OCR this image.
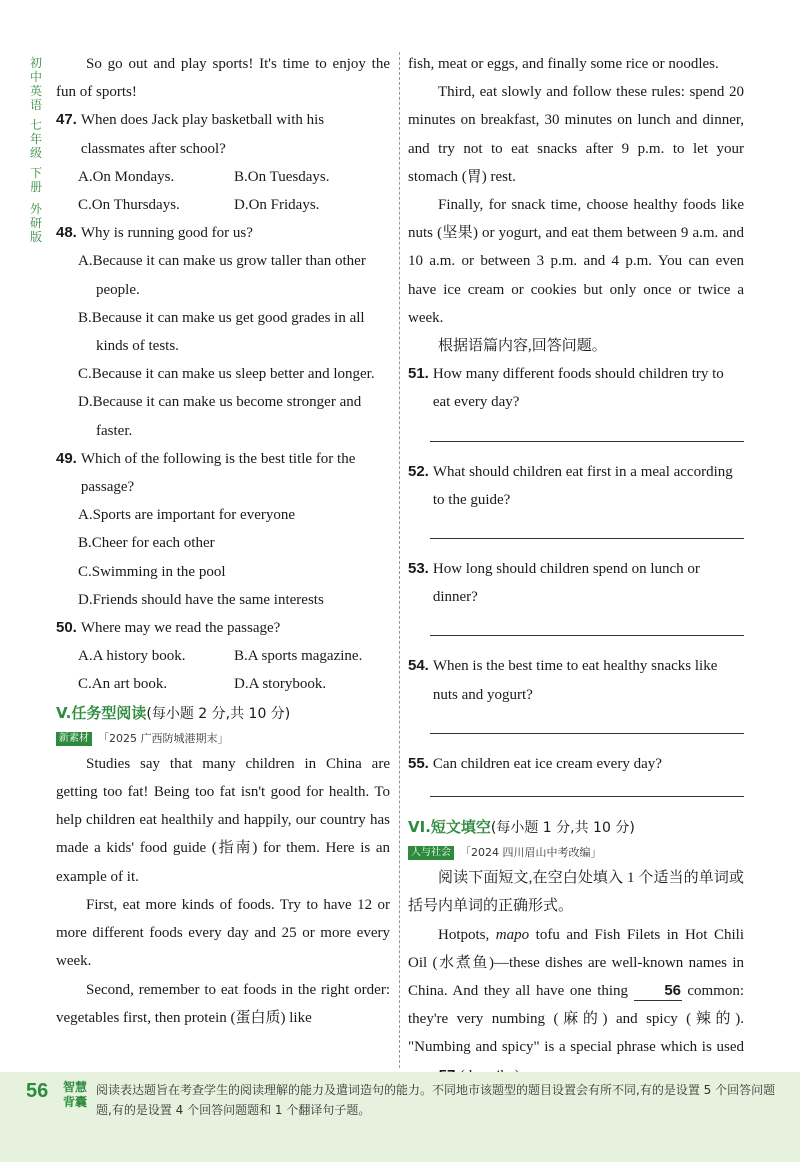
初中英语
七年级
下册
外研版

So go out and play sports! It's time to enjoy the fun of sports!

47. When does Jack play basketball with his classmates after school?
A.On Mondays.	B.On Tuesdays.
C.On Thursdays.	D.On Fridays.
48. Why is running good for us?
A.Because it can make us grow taller than other people.
B.Because it can make us get good grades in all kinds of tests.
C.Because it can make us sleep better and longer.
D.Because it can make us become stronger and faster.
49. Which of the following is the best title for the passage?
A.Sports are important for everyone
B.Cheer for each other
C.Swimming in the pool
D.Friends should have the same interests
50. Where may we read the passage?
A.A history book.	B.A sports magazine.
C.An art book.	D.A storybook.
V.任务型阅读(每小题 2 分,共 10 分)
新素材 「2025 广西防城港期末」

Studies say that many children in China are getting too fat! Being too fat isn't good for health. To help children eat healthily and happily, our country has made a kids' food guide (指南) for them. Here is an example of it.

First, eat more kinds of foods. Try to have 12 or more different foods every day and 25 or more every week.

Second, remember to eat foods in the right order: vegetables first, then protein (蛋白质) like

fish, meat or eggs, and finally some rice or noodles.

Third, eat slowly and follow these rules: spend 20 minutes on breakfast, 30 minutes on lunch and dinner, and try not to eat snacks after 9 p.m. to let your stomach (胃) rest.

Finally, for snack time, choose healthy foods like nuts (坚果) or yogurt, and eat them between 9 a.m. and 10 a.m. or between 3 p.m. and 4 p.m. You can even have ice cream or cookies but only once or twice a week.

根据语篇内容,回答问题。

51. How many different foods should children try to eat every day?
52. What should children eat first in a meal according to the guide?
53. How long should children spend on lunch or dinner?
54. When is the best time to eat healthy snacks like nuts and yogurt?
55. Can children eat ice cream every day?
VI.短文填空(每小题 1 分,共 10 分)
人与社会 「2024 四川眉山中考改编」

阅读下面短文,在空白处填入 1 个适当的单词或括号内单词的正确形式。

Hotpots, mapo tofu and Fish Filets in Hot Chili Oil (水煮鱼)—these dishes are well-known names in China. And they all have one thing 56 common: they're very numbing (麻的) and spicy (辣的). "Numbing and spicy" is a special phrase which is used

56 智慧背囊
阅读表达题旨在考查学生的阅读理解的能力及遣词造句的能力。不同地市该题型的题目设置会有所不同,有的是设置 5 个回答问题题,有的是设置 4 个回答问题题和 1 个翻译句子题。
